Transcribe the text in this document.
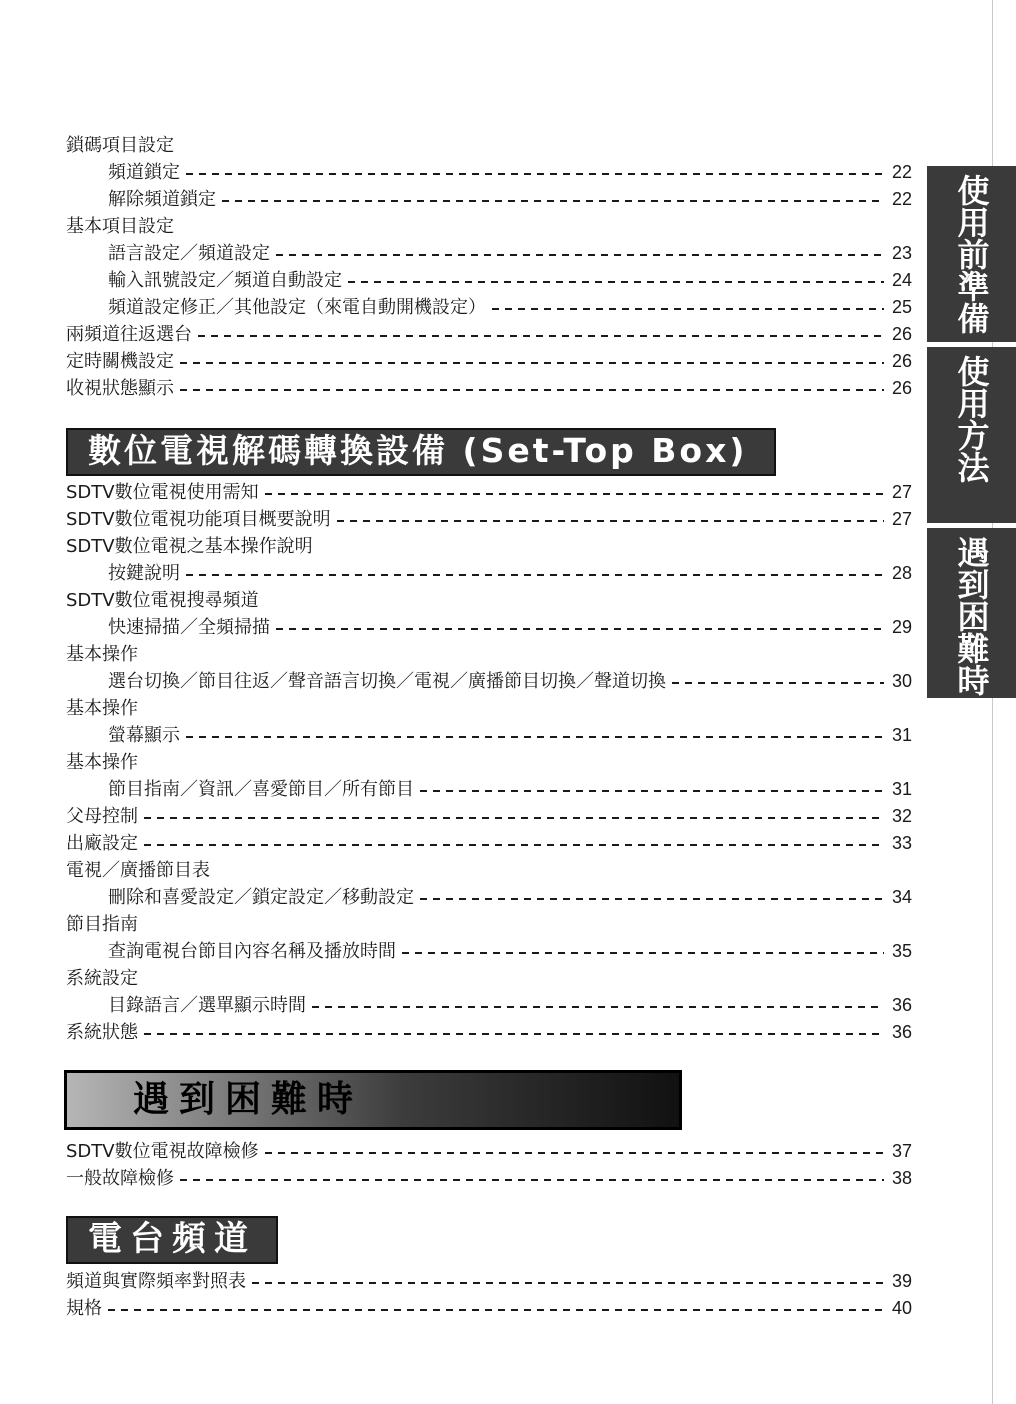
鎖碼項目設定
頻道鎖定	22
解除頻道鎖定	22
基本項目設定
語言設定／頻道設定	23
輸入訊號設定／頻道自動設定	24
頻道設定修正／其他設定（來電自動開機設定）	25
兩頻道往返選台	26
定時關機設定	26
收視狀態顯示	26
數位電視解碼轉換設備 (Set-Top Box)
SDTV數位電視使用需知	27
SDTV數位電視功能項目概要說明	27
SDTV數位電視之基本操作說明
按鍵說明	28
SDTV數位電視搜尋頻道
快速掃描／全頻掃描	29
基本操作
選台切換／節目往返／聲音語言切換／電視／廣播節目切換／聲道切換	30
基本操作
螢幕顯示	31
基本操作
節目指南／資訊／喜愛節目／所有節目	31
父母控制	32
出廠設定	33
電視／廣播節目表
刪除和喜愛設定／鎖定設定／移動設定	34
節目指南
查詢電視台節目內容名稱及播放時間	35
系統設定
目錄語言／選單顯示時間	36
系統狀態	36
遇到困難時
SDTV數位電視故障檢修	37
一般故障檢修	38
電台頻道
頻道與實際頻率對照表	39
規格	40
使用前準備
使用方法
遇到困難時
